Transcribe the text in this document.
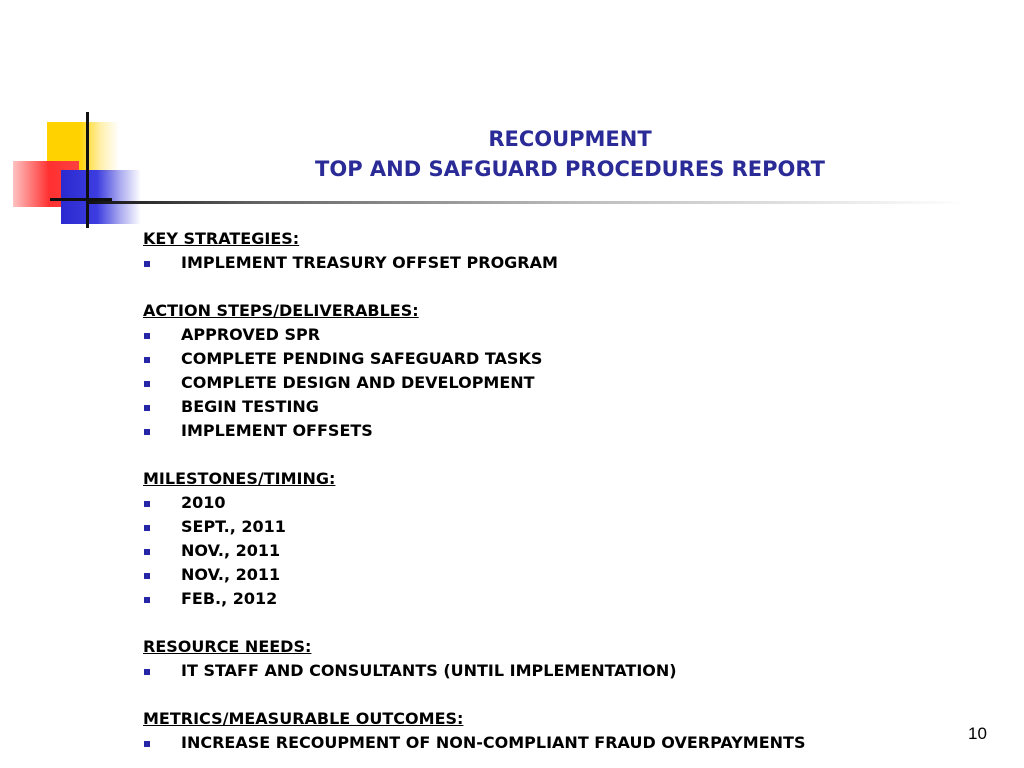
RECOUPMENT
TOP AND SAFGUARD PROCEDURES REPORT
KEY STRATEGIES:
IMPLEMENT TREASURY OFFSET PROGRAM
ACTION STEPS/DELIVERABLES:
APPROVED SPR
COMPLETE PENDING SAFEGUARD TASKS
COMPLETE DESIGN AND DEVELOPMENT
BEGIN TESTING
IMPLEMENT OFFSETS
MILESTONES/TIMING:
2010
SEPT., 2011
NOV., 2011
NOV., 2011
FEB., 2012
RESOURCE NEEDS:
IT STAFF AND CONSULTANTS (UNTIL IMPLEMENTATION)
METRICS/MEASURABLE OUTCOMES:
INCREASE RECOUPMENT OF NON-COMPLIANT FRAUD OVERPAYMENTS	10
